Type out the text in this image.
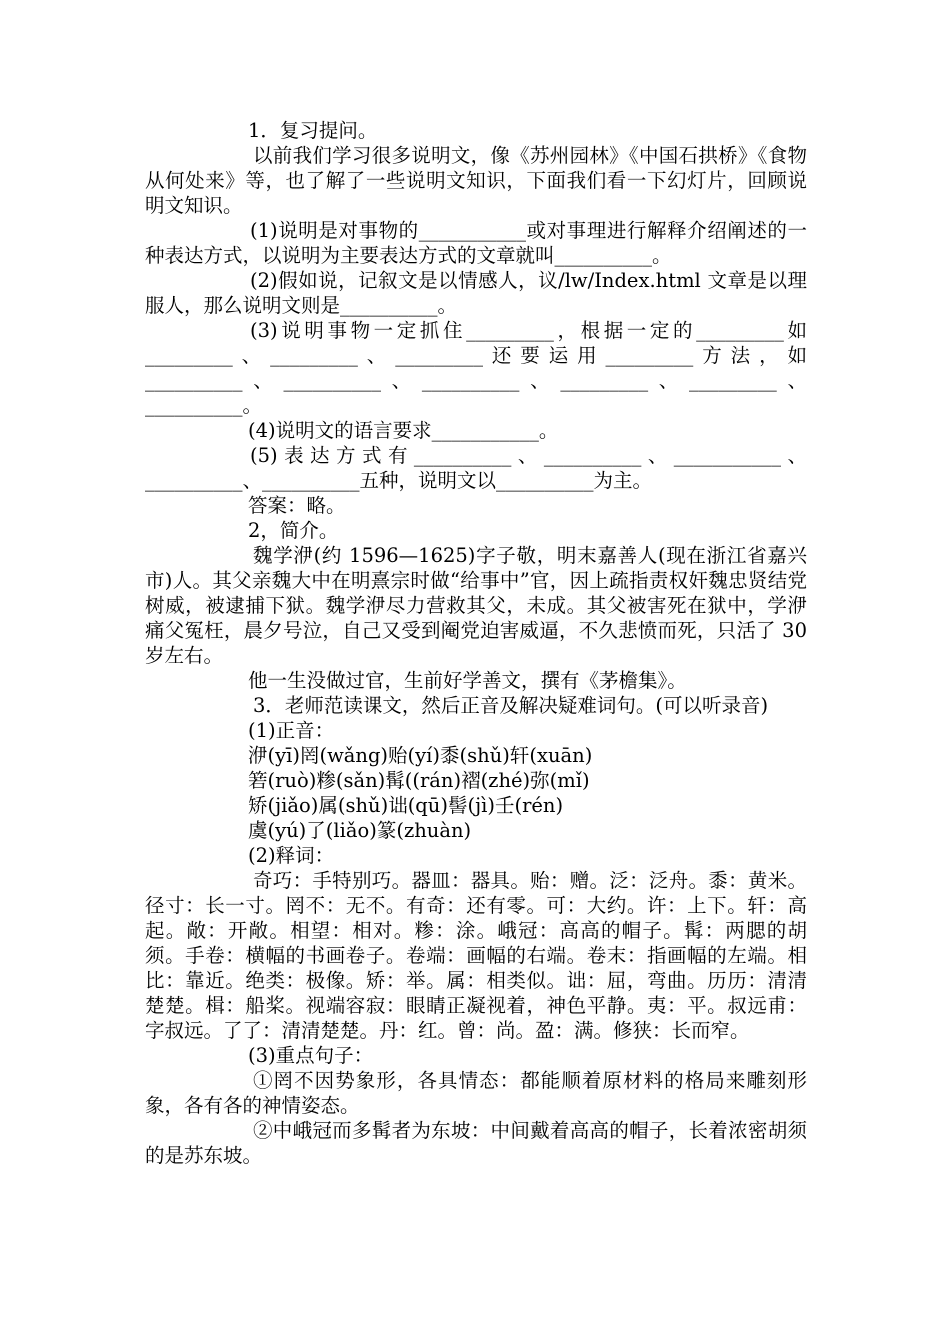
1．复习提问。

以前我们学习很多说明文，像《苏州园林》《中国石拱桥》《食物从何处来》等，也了解了一些说明文知识，下面我们看一下幻灯片，回顾说明文知识。

(1)说明是对事物的___________或对事理进行解释介绍阐述的一种表达方式，以说明为主要表达方式的文章就叫__________。

(2)假如说，记叙文是以情感人，议/lw/Index.html 文章是以理服人，那么说明文则是__________。

(3)说明事物一定抓住_________，根据一定的_________如_________、_________、_________还要运用_________方法，如__________、__________、__________、_________、_________、__________。

(4)说明文的语言要求___________。

(5)表达方式有__________、__________、___________、__________、__________五种，说明文以__________为主。

答案：略。

2，简介。

魏学洢(约 1596—1625)字子敬，明末嘉善人(现在浙江省嘉兴市)人。其父亲魏大中在明熹宗时做“给事中”官，因上疏指责权奸魏忠贤结党树威，被逮捕下狱。魏学洢尽力营救其父，未成。其父被害死在狱中，学洢痛父冤枉，晨夕号泣，自己又受到阉党迫害威逼，不久悲愤而死，只活了 30 岁左右。

他一生没做过官，生前好学善文，撰有《茅檐集》。

3．老师范读课文，然后正音及解决疑难词句。(可以听录音)

(1)正音：

洢(yī)罔(wǎng)贻(yí)黍(shǔ)轩(xuān)

箬(ruò)糁(sǎn)髯((rán)褶(zhé)弥(mǐ)

矫(jiǎo)属(shǔ)诎(qū)髻(jì)壬(rén)

虞(yú)了(liǎo)篆(zhuàn)

(2)释词：

奇巧：手特别巧。器皿：器具。贻：赠。泛：泛舟。黍：黄米。径寸：长一寸。罔不：无不。有奇：还有零。可：大约。许：上下。轩：高起。敞：开敞。相望：相对。糁：涂。峨冠：高高的帽子。髯：两腮的胡须。手卷：横幅的书画卷子。卷端：画幅的右端。卷末：指画幅的左端。相比：靠近。绝类：极像。矫：举。属：相类似。诎：屈，弯曲。历历：清清楚楚。楫：船桨。视端容寂：眼睛正凝视着，神色平静。夷：平。叔远甫：字叔远。了了：清清楚楚。丹：红。曾：尚。盈：满。修狭：长而窄。

(3)重点句子：

①罔不因势象形，各具情态：都能顺着原材料的格局来雕刻形象，各有各的神情姿态。

②中峨冠而多髯者为东坡：中间戴着高高的帽子，长着浓密胡须的是苏东坡。
